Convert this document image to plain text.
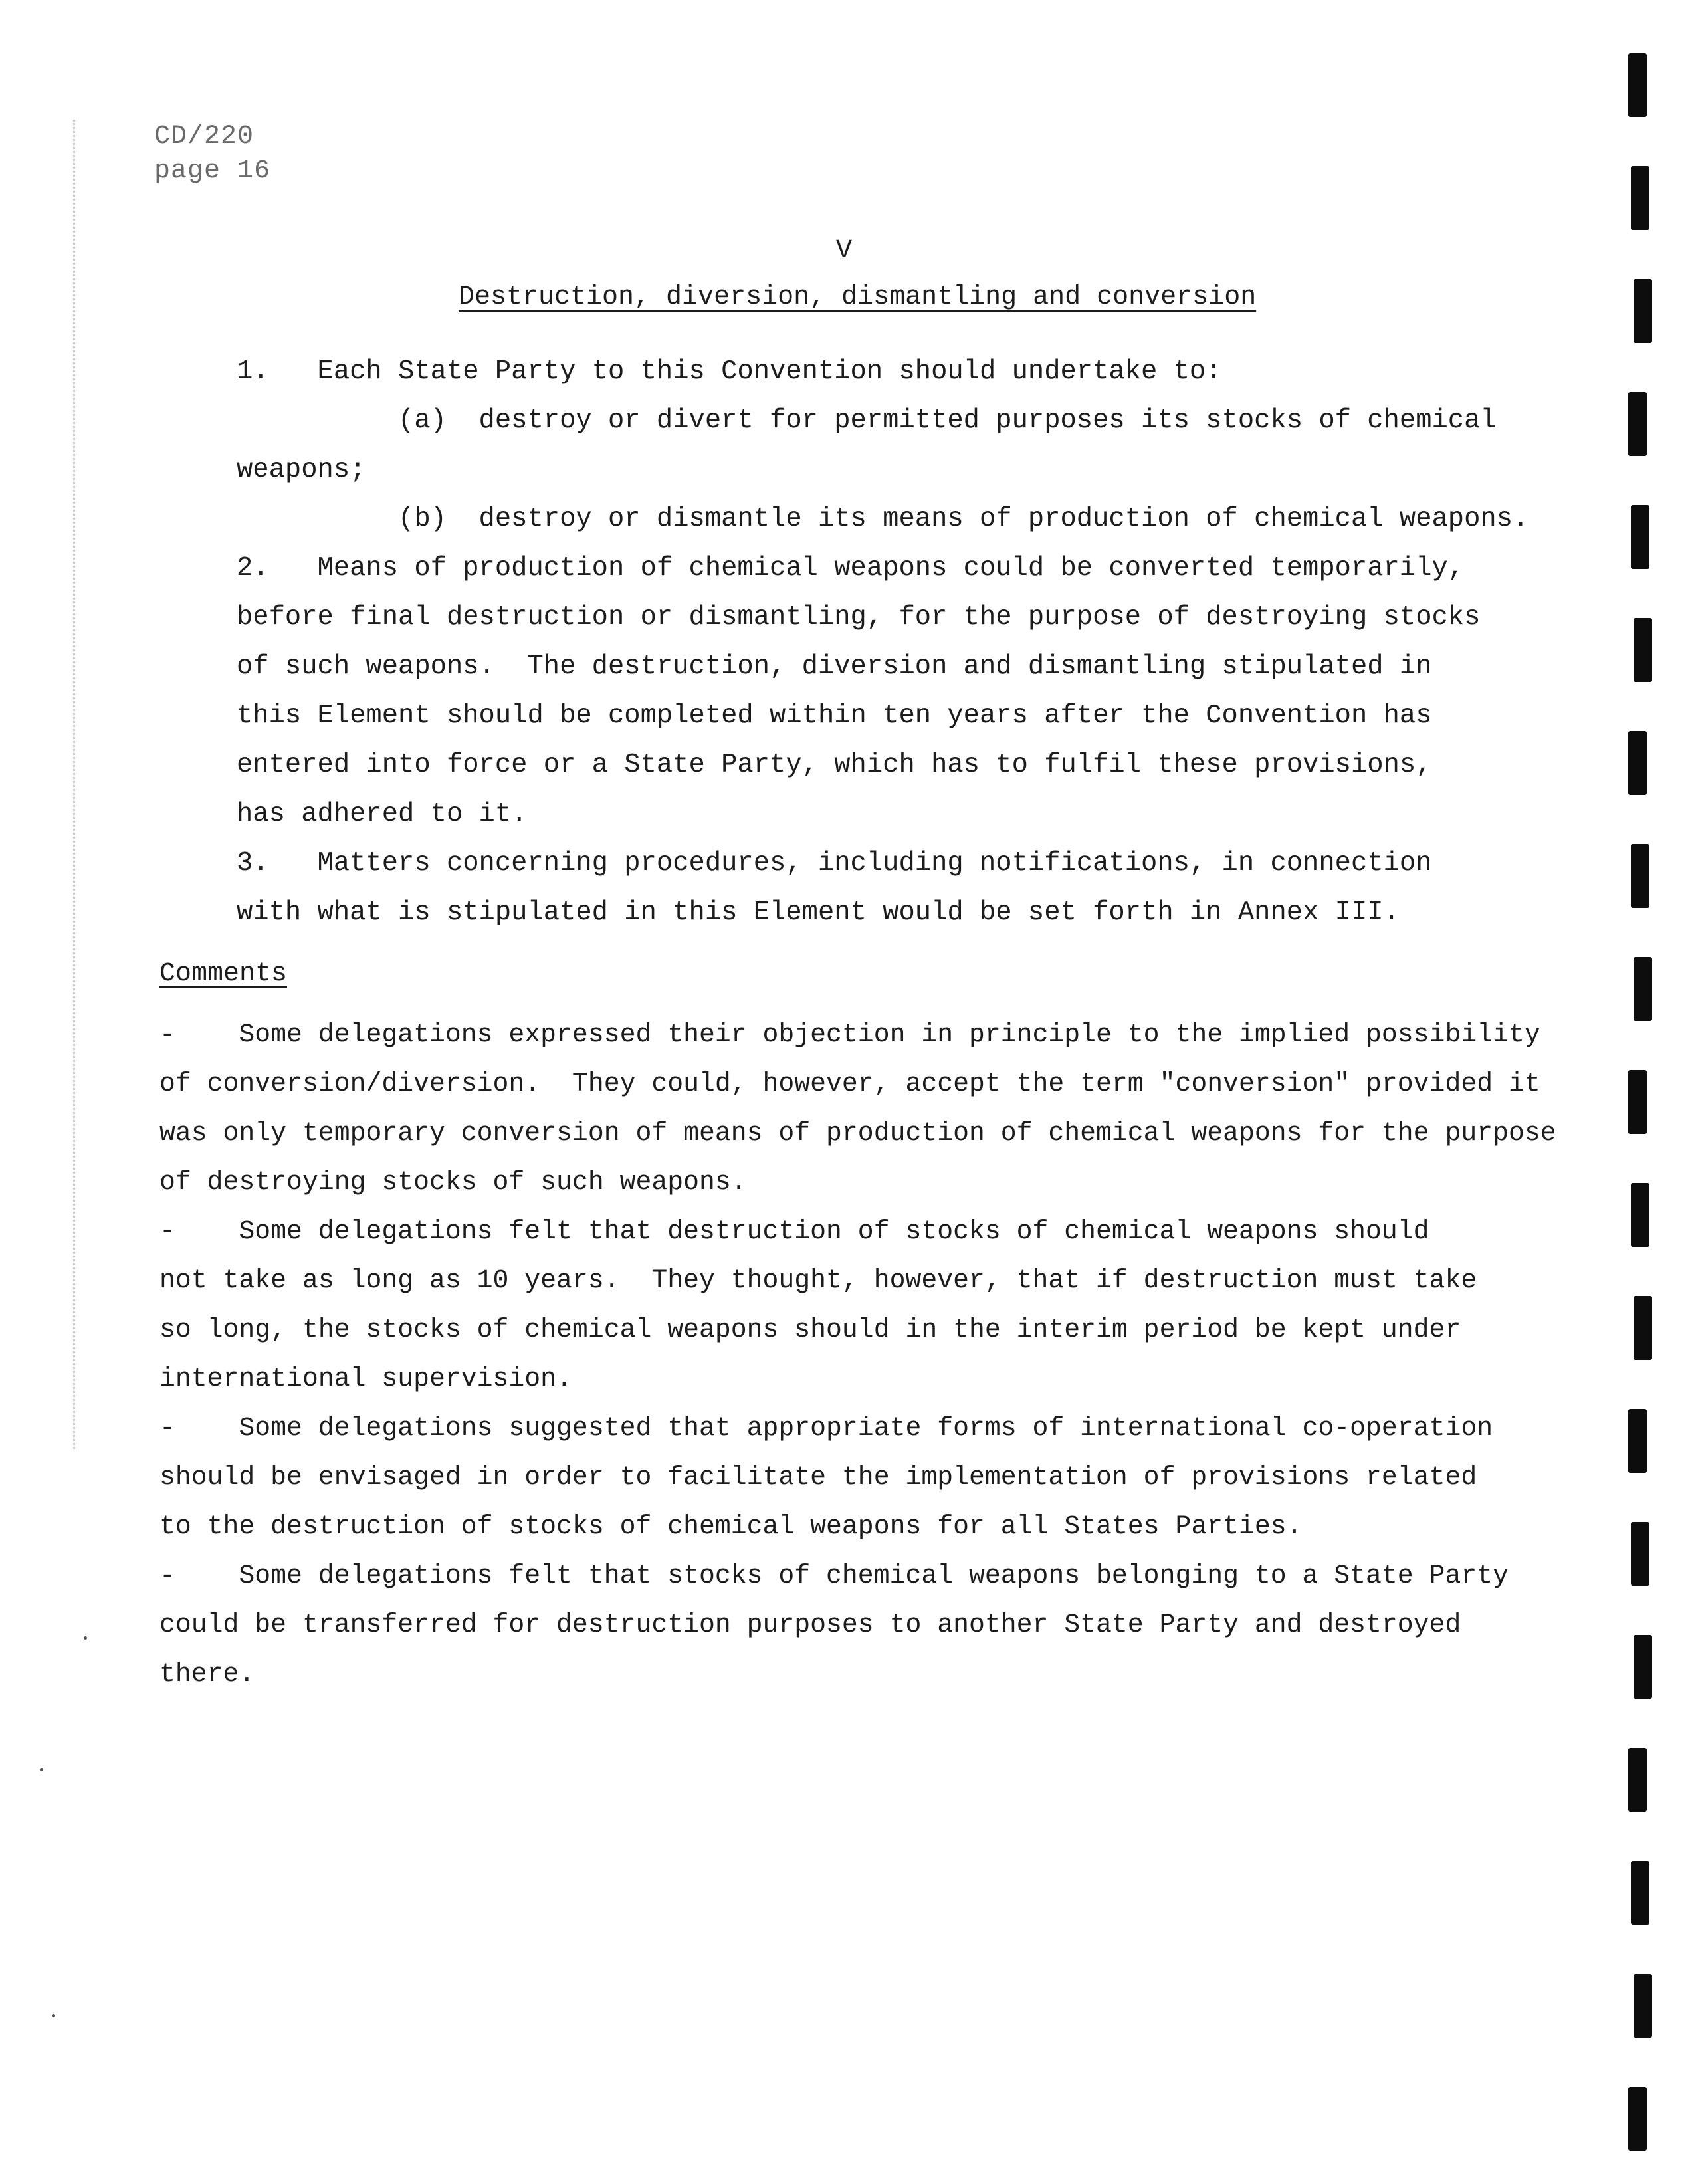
CD/220
page 16
V
Destruction, diversion, dismantling and conversion
1.   Each State Party to this Convention should undertake to:
(a)  destroy or divert for permitted purposes its stocks of chemical
weapons;
(b)  destroy or dismantle its means of production of chemical weapons.
2.   Means of production of chemical weapons could be converted temporarily,
before final destruction or dismantling, for the purpose of destroying stocks
of such weapons.  The destruction, diversion and dismantling stipulated in
this Element should be completed within ten years after the Convention has
entered into force or a State Party, which has to fulfil these provisions,
has adhered to it.
3.   Matters concerning procedures, including notifications, in connection
with what is stipulated in this Element would be set forth in Annex III.
Comments
-    Some delegations expressed their objection in principle to the implied possibility
of conversion/diversion.  They could, however, accept the term "conversion" provided it
was only temporary conversion of means of production of chemical weapons for the purpose
of destroying stocks of such weapons.
-    Some delegations felt that destruction of stocks of chemical weapons should
not take as long as 10 years.  They thought, however, that if destruction must take
so long, the stocks of chemical weapons should in the interim period be kept under
international supervision.
-    Some delegations suggested that appropriate forms of international co-operation
should be envisaged in order to facilitate the implementation of provisions related
to the destruction of stocks of chemical weapons for all States Parties.
-    Some delegations felt that stocks of chemical weapons belonging to a State Party
could be transferred for destruction purposes to another State Party and destroyed
there.
